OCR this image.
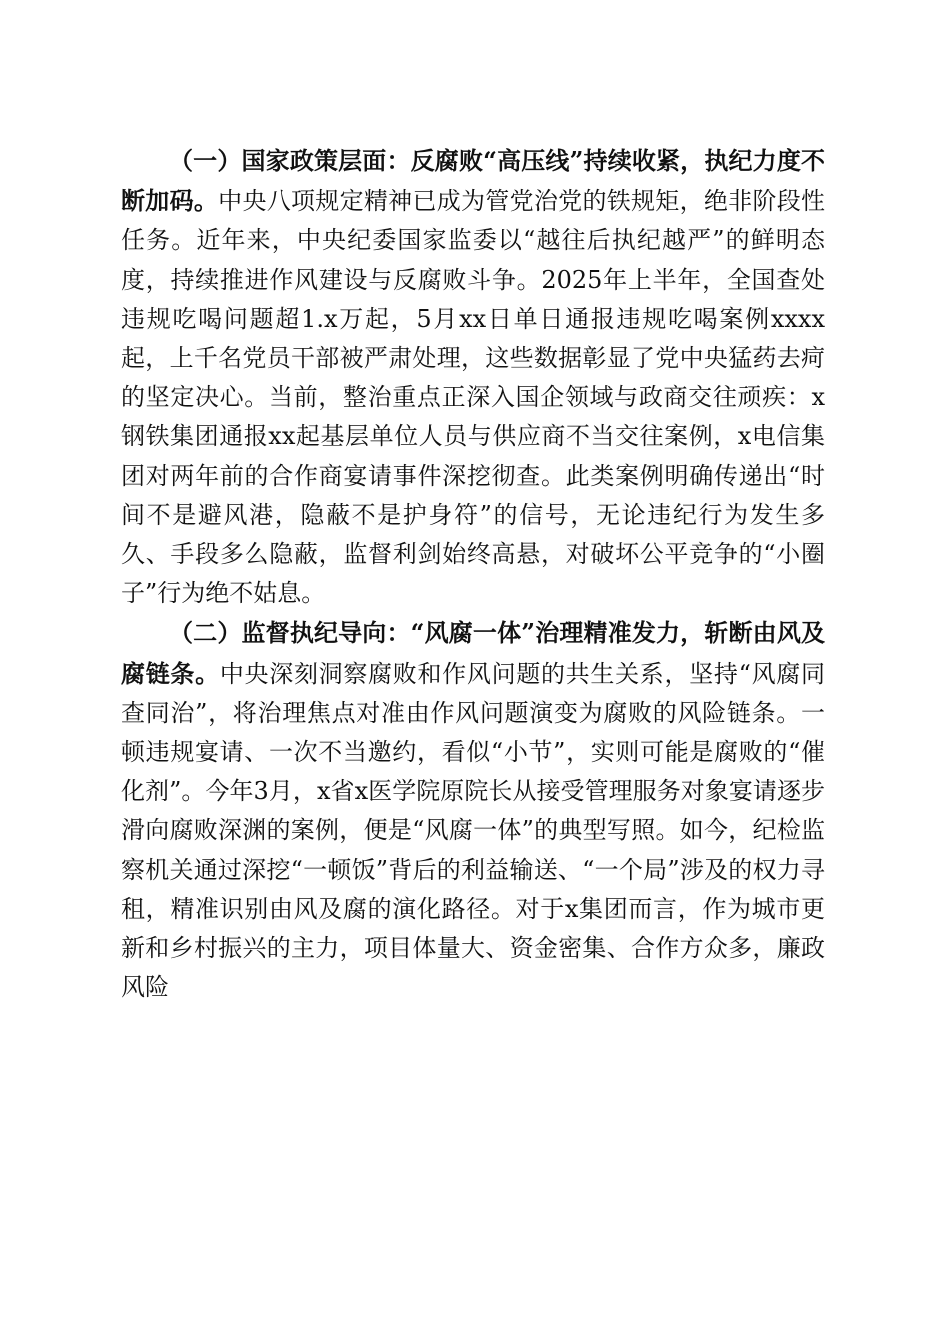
（一）国家政策层面：反腐败“高压线”持续收紧，执纪力度不断加码。中央八项规定精神已成为管党治党的铁规矩，绝非阶段性任务。近年来，中央纪委国家监委以“越往后执纪越严”的鲜明态度，持续推进作风建设与反腐败斗争。2025年上半年，全国查处违规吃喝问题超1.x万起，5月xx日单日通报违规吃喝案例xxxx起，上千名党员干部被严肃处理，这些数据彰显了党中央猛药去疴的坚定决心。当前，整治重点正深入国企领域与政商交往顽疾：x钢铁集团通报xx起基层单位人员与供应商不当交往案例，x电信集团对两年前的合作商宴请事件深挖彻查。此类案例明确传递出“时间不是避风港，隐蔽不是护身符”的信号，无论违纪行为发生多久、手段多么隐蔽，监督利剑始终高悬，对破坏公平竞争的“小圈子”行为绝不姑息。

（二）监督执纪导向：“风腐一体”治理精准发力，斩断由风及腐链条。中央深刻洞察腐败和作风问题的共生关系，坚持“风腐同查同治”，将治理焦点对准由作风问题演变为腐败的风险链条。一顿违规宴请、一次不当邀约，看似“小节”，实则可能是腐败的“催化剂”。今年3月，x省x医学院原院长从接受管理服务对象宴请逐步滑向腐败深渊的案例，便是“风腐一体”的典型写照。如今，纪检监察机关通过深挖“一顿饭”背后的利益输送、“一个局”涉及的权力寻租，精准识别由风及腐的演化路径。对于x集团而言，作为城市更新和乡村振兴的主力，项目体量大、资金密集、合作方众多，廉政风险
